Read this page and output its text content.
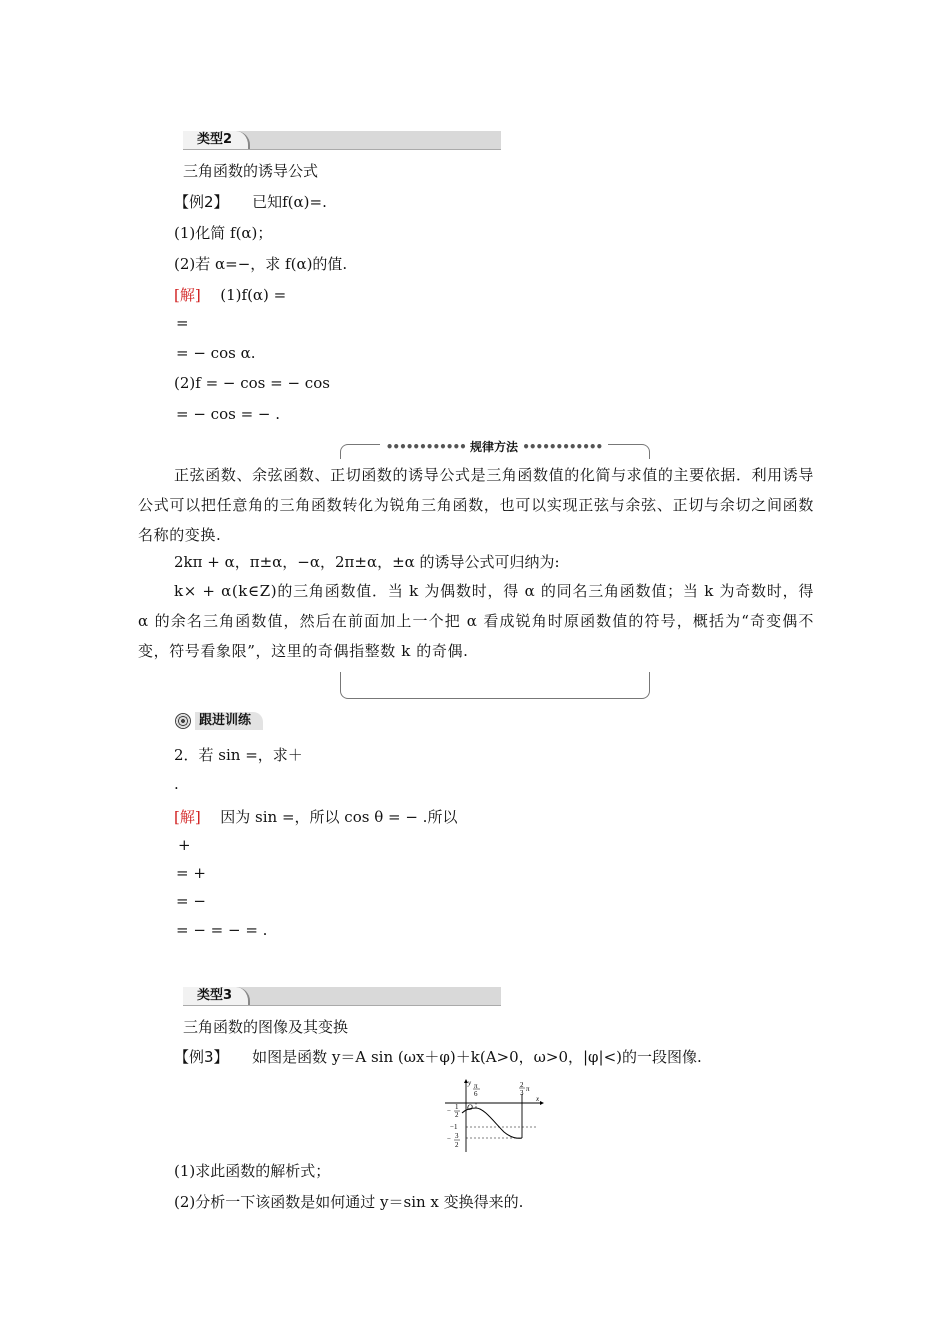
类型2
三角函数的诱导公式
【例2】 已知f(α)=.
(1)化简 f(α)；
(2)若 α=−，求 f(α)的值.
[解] (1)f(α) =
=
= − cos α.
(2)f = − cos = − cos
= − cos = − .
•••••••••••• 规律方法 ••••••••••••
正弦函数、余弦函数、正切函数的诱导公式是三角函数值的化简与求值的主要依据．利用诱导公式可以把任意角的三角函数转化为锐角三角函数，也可以实现正弦与余弦、正切与余切之间函数名称的变换.
2kπ + α，π±α，−α，2π±α，±α 的诱导公式可归纳为:
k× + α(k∈Z)的三角函数值．当 k 为偶数时，得 α 的同名三角函数值；当 k 为奇数时，得 α 的余名三角函数值，然后在前面加上一个把 α 看成锐角时原函数值的符号，概括为“奇变偶不变，符号看象限”，这里的奇偶指整数 k 的奇偶.
跟进训练
2．若 sin =，求＋
.
[解] 因为 sin =，所以 cos θ = − .所以
+
= +
= −
= − = − = .
类型3
三角函数的图像及其变换
【例3】 如图是函数 y＝A sin (ωx＋φ)＋k(A>0，ω>0，|φ|<)的一段图像.
y
x
O
π
6
2
3 π
− 1
2
−1
− 3
2
(1)求此函数的解析式；
(2)分析一下该函数是如何通过 y＝sin x 变换得来的.
